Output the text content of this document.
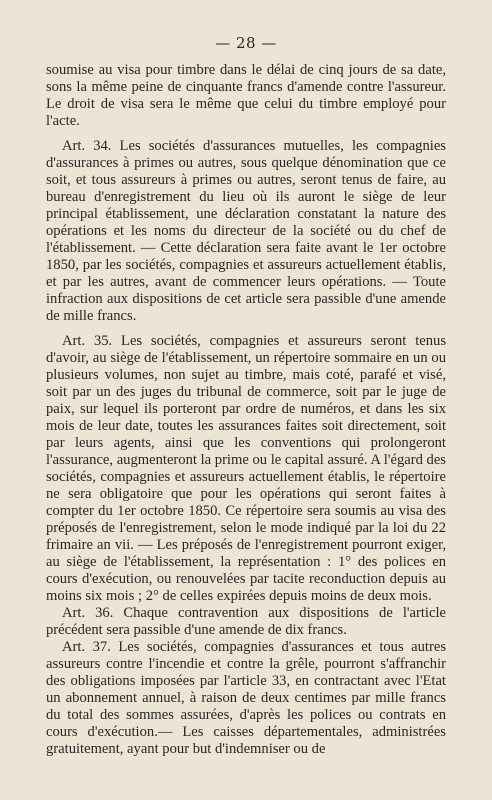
— 28 —

soumise au visa pour timbre dans le délai de cinq jours de sa date, sons la même peine de cinquante francs d'amende contre l'assureur. Le droit de visa sera le même que celui du timbre employé pour l'acte.

Art. 34. Les sociétés d'assurances mutuelles, les compagnies d'assurances à primes ou autres, sous quelque dénomination que ce soit, et tous assureurs à primes ou autres, seront tenus de faire, au bureau d'enregistrement du lieu où ils auront le siège de leur principal établissement, une déclaration constatant la nature des opérations et les noms du directeur de la société ou du chef de l'établissement. — Cette déclaration sera faite avant le 1er octobre 1850, par les sociétés, compagnies et assureurs actuellement établis, et par les autres, avant de commencer leurs opérations. — Toute infraction aux dispositions de cet article sera passible d'une amende de mille francs.

Art. 35. Les sociétés, compagnies et assureurs seront tenus d'avoir, au siège de l'établissement, un répertoire sommaire en un ou plusieurs volumes, non sujet au timbre, mais coté, parafé et visé, soit par un des juges du tribunal de commerce, soit par le juge de paix, sur lequel ils porteront par ordre de numéros, et dans les six mois de leur date, toutes les assurances faites soit directement, soit par leurs agents, ainsi que les conventions qui prolongeront l'assurance, augmenteront la prime ou le capital assuré. A l'égard des sociétés, compagnies et assureurs actuellement établis, le répertoire ne sera obligatoire que pour les opérations qui seront faites à compter du 1er octobre 1850. Ce répertoire sera soumis au visa des préposés de l'enregistrement, selon le mode indiqué par la loi du 22 frimaire an vii. — Les préposés de l'enregistrement pourront exiger, au siège de l'établissement, la représentation : 1° des polices en cours d'exécution, ou renouvelées par tacite reconduction depuis au moins six mois ; 2° de celles expirées depuis moins de deux mois.

Art. 36. Chaque contravention aux dispositions de l'article précédent sera passible d'une amende de dix francs.

Art. 37. Les sociétés, compagnies d'assurances et tous autres assureurs contre l'incendie et contre la grêle, pourront s'affranchir des obligations imposées par l'article 33, en contractant avec l'Etat un abonnement annuel, à raison de deux centimes par mille francs du total des sommes assurées, d'après les polices ou contrats en cours d'exécution.— Les caisses départementales, administrées gratuitement, ayant pour but d'indemniser ou de
